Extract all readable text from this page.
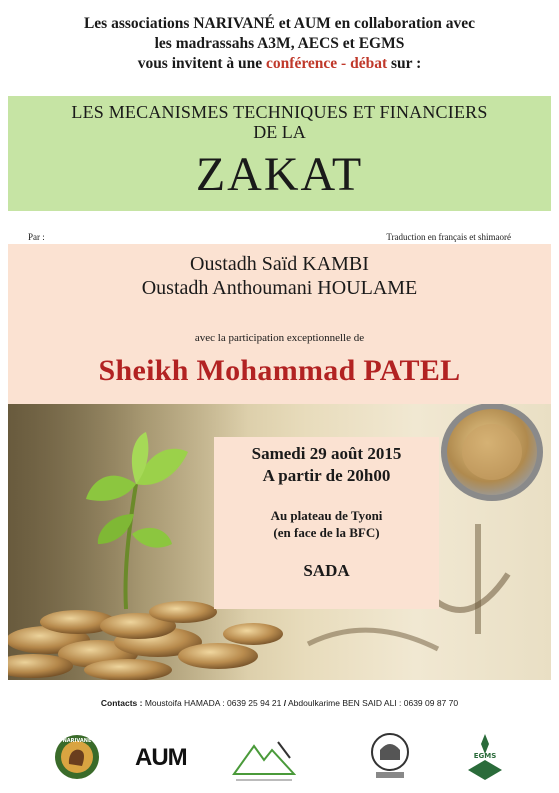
Les associations NARIVANÉ et AUM en collaboration avec
les madrassahs A3M, AECS et EGMS
vous invitent à une conférence - débat sur :
LES MECANISMES TECHNIQUES ET FINANCIERS
DE LA
ZAKAT
Par :	Traduction en français et shimaoré
Oustadh Saïd KAMBI
Oustadh Anthoumani HOULAME
avec la participation exceptionnelle de
Sheikh Mohammad PATEL
Samedi 29 août 2015
A partir de 20h00
Au plateau de Tyoni
(en face de la BFC)
SADA
Contacts : Moustoifa HAMADA : 0639 25 94 21 / Abdoulkarime BEN SAID ALI : 0639 09 87 70
NARIVANE
AUM	EGMS
